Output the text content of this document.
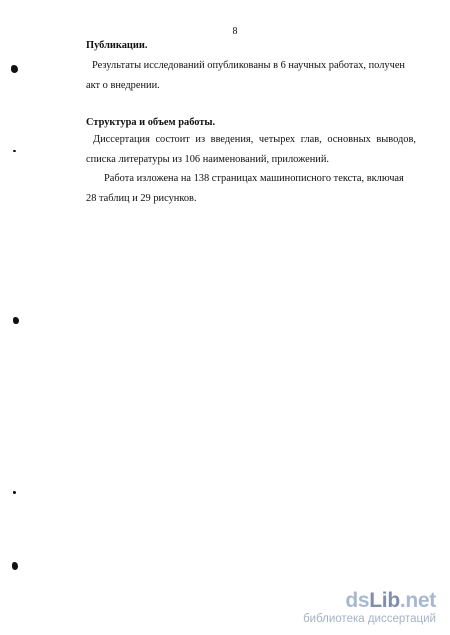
8
Публикации.
Результаты исследований опубликованы в 6 научных работах, получен акт о внедрении.
Структура и объем работы.
Диссертация состоит из введения, четырех глав, основных выводов, списка литературы из 106 наименований, приложений.
Работа изложена на 138 страницах машинописного текста, включая 28 таблиц и 29 рисунков.
dsLib.net
библиотека диссертаций
